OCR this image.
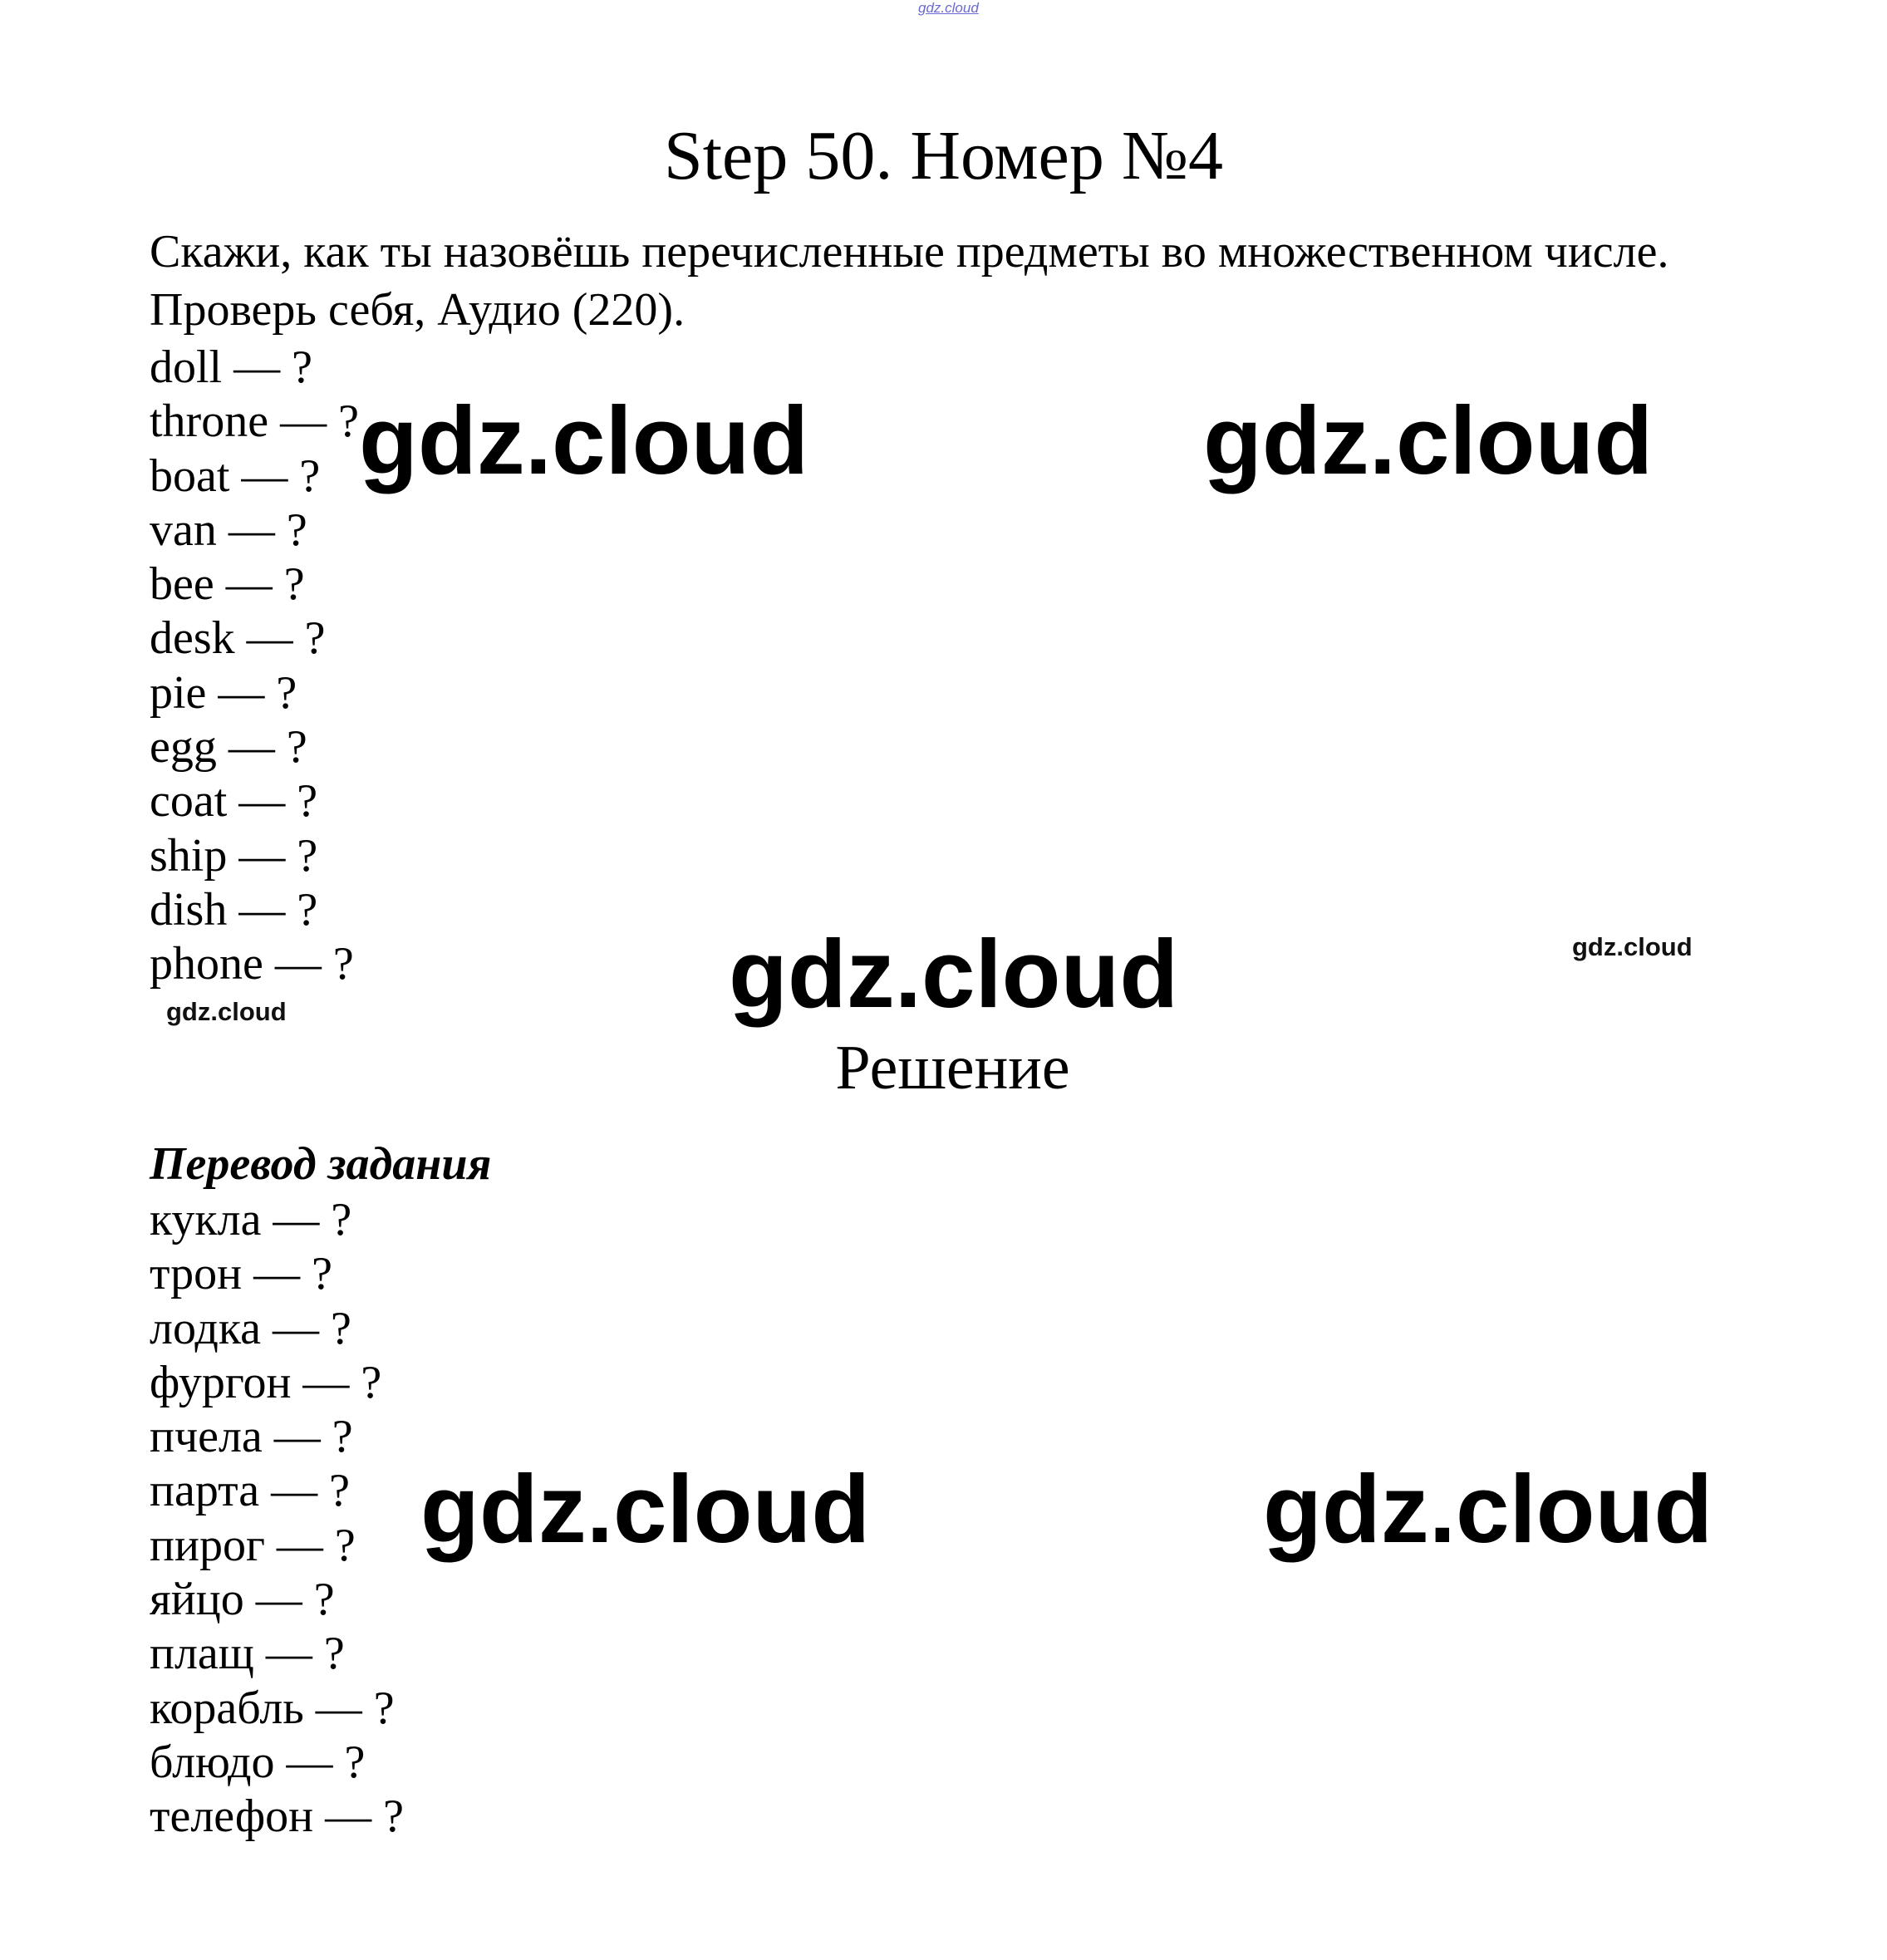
gdz.cloud
Step 50. Номер №4
Скажи, как ты назовёшь перечисленные предметы во множественном числе.
Проверь себя, Аудио (220).
doll — ?
throne — ?
boat — ?
van — ?
bee — ?
desk — ?
pie — ?
egg — ?
coat — ?
ship — ?
dish — ?
phone — ?
Решение
Перевод задания
кукла — ?
трон — ?
лодка — ?
фургон — ?
пчела — ?
парта — ?
пирог — ?
яйцо — ?
плащ — ?
корабль — ?
блюдо — ?
телефон — ?
gdz.cloud	gdz.cloud
gdz.cloud
gdz.cloud	gdz.cloud
gdz.cloud
gdz.cloud
